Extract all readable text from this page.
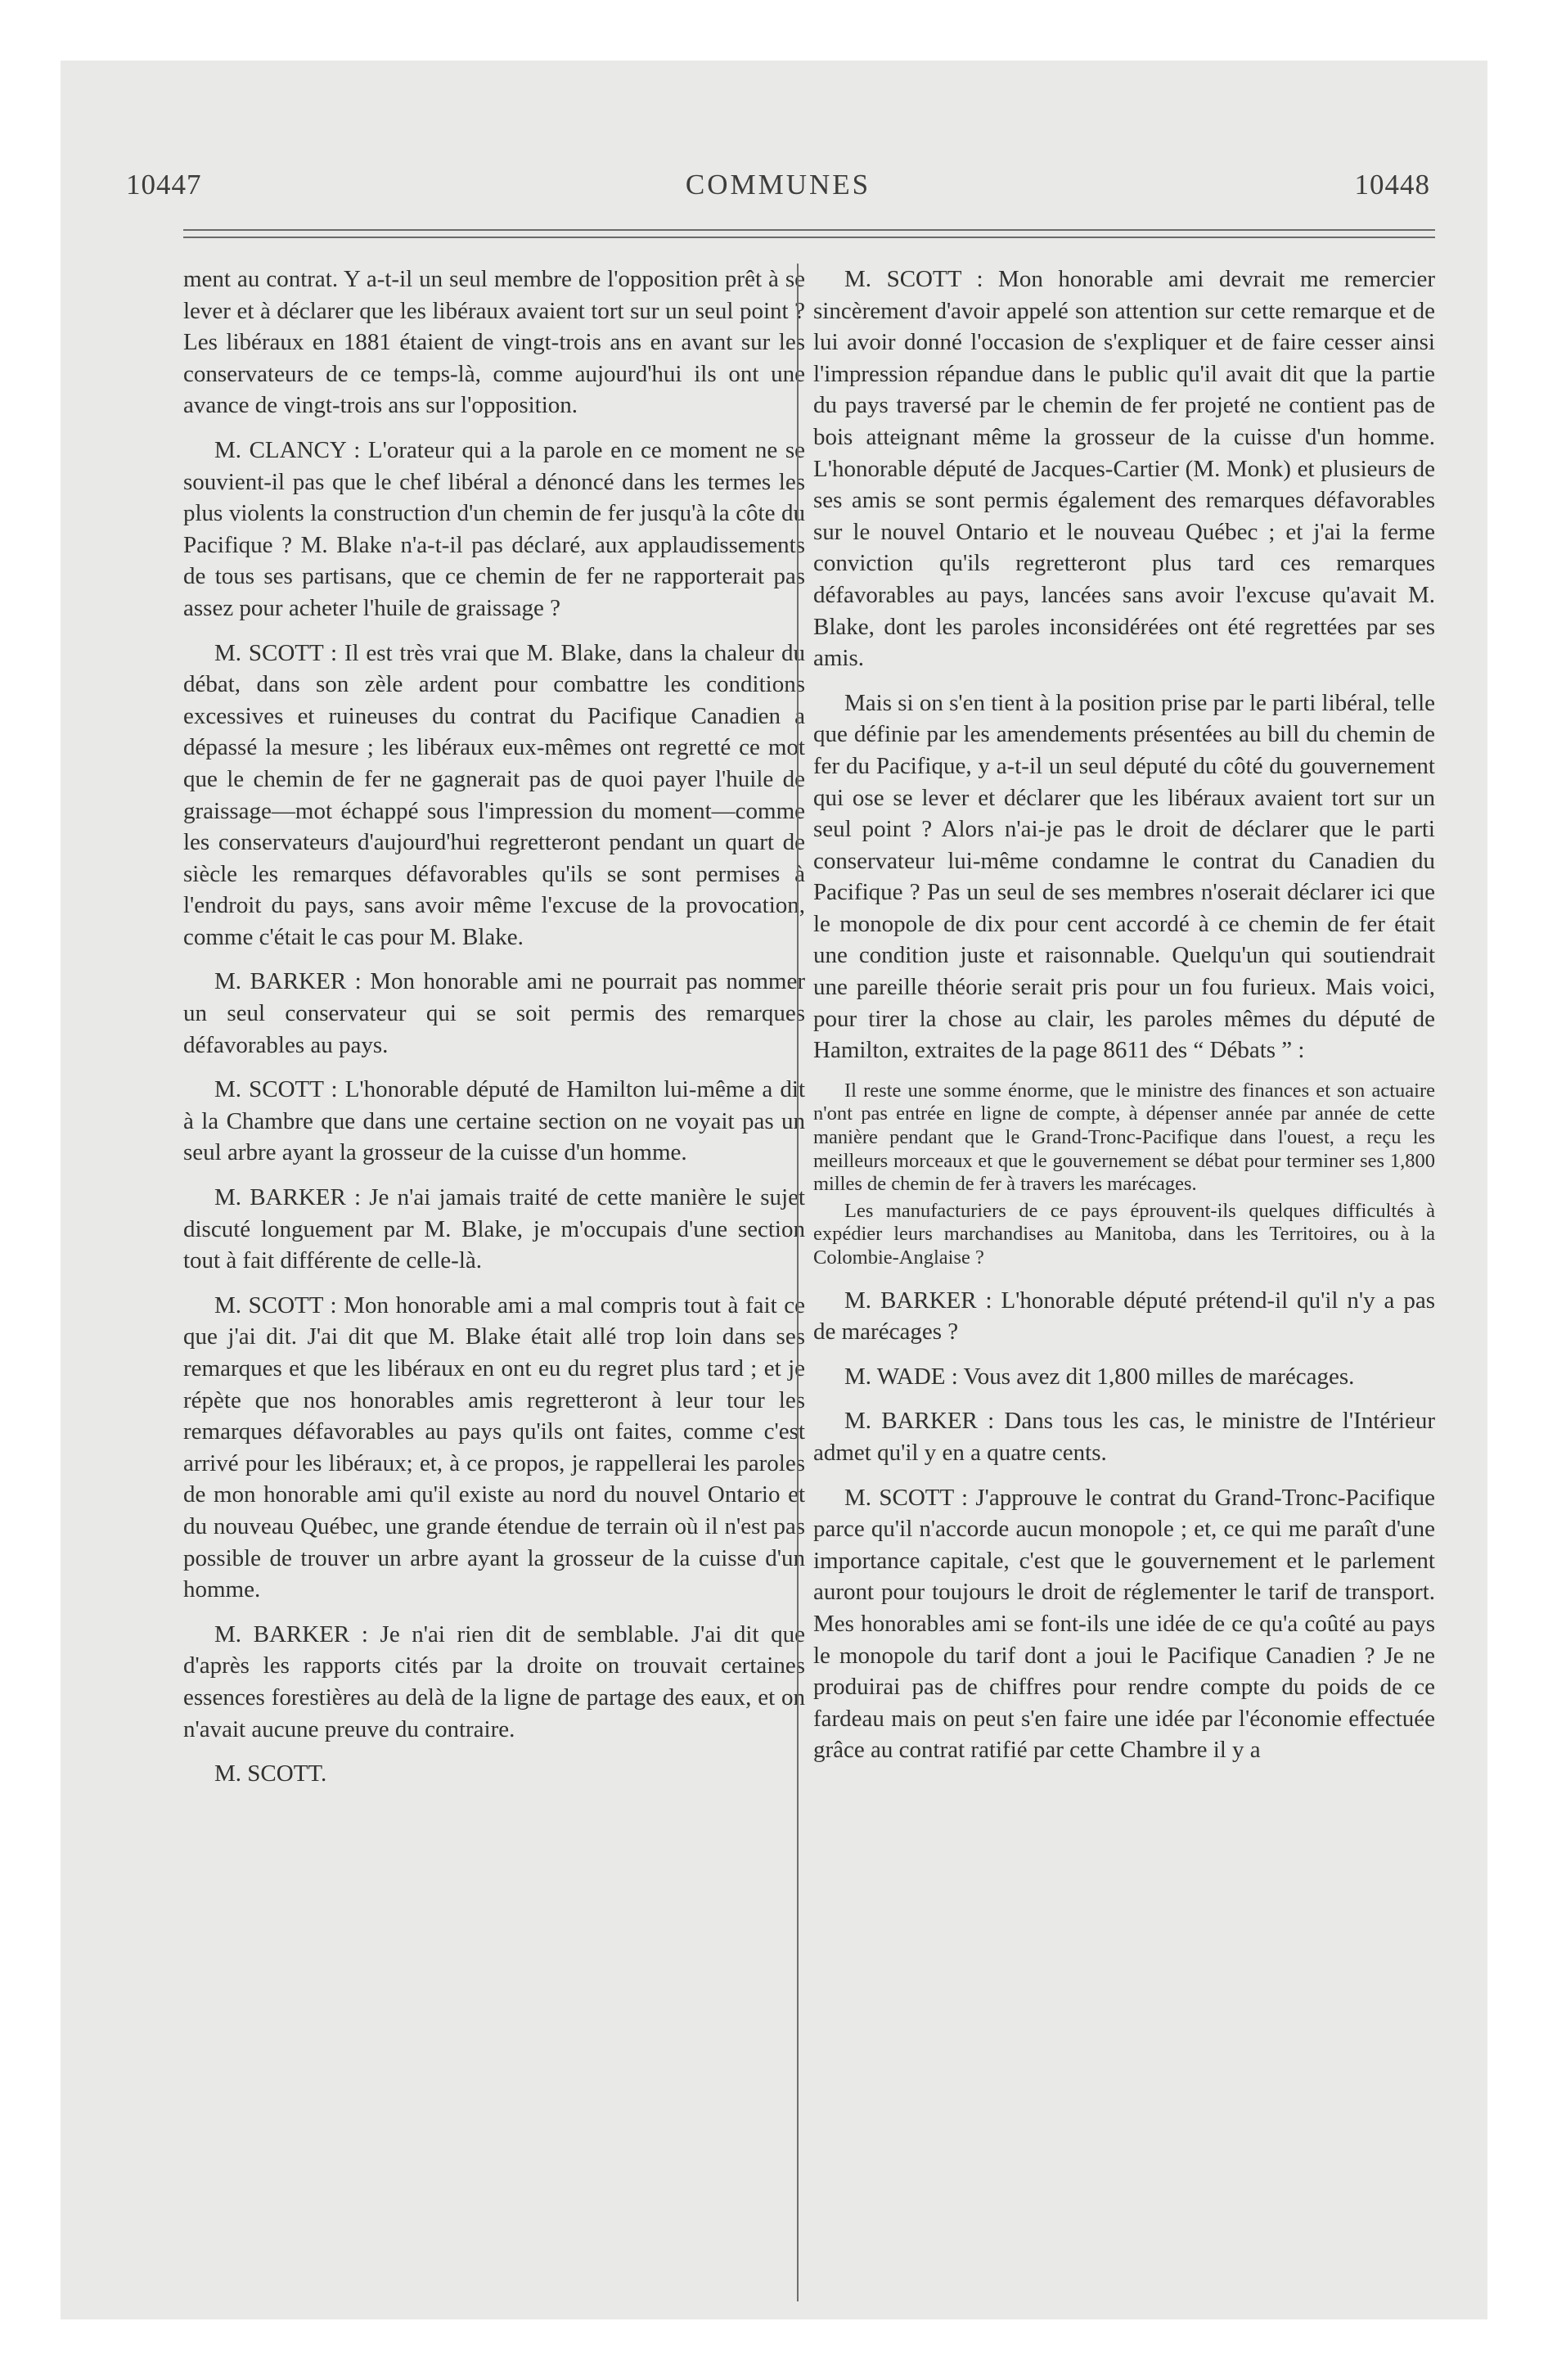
10447	COMMUNES	10448

ment au contrat. Y a-t-il un seul membre de l'opposition prêt à se lever et à déclarer que les libéraux avaient tort sur un seul point ? Les libéraux en 1881 étaient de vingt-trois ans en avant sur les conservateurs de ce temps-là, comme aujourd'hui ils ont une avance de vingt-trois ans sur l'opposition.

M. CLANCY : L'orateur qui a la parole en ce moment ne se souvient-il pas que le chef libéral a dénoncé dans les termes les plus violents la construction d'un chemin de fer jusqu'à la côte du Pacifique ? M. Blake n'a-t-il pas déclaré, aux applaudissements de tous ses partisans, que ce chemin de fer ne rapporterait pas assez pour acheter l'huile de graissage ?

M. SCOTT : Il est très vrai que M. Blake, dans la chaleur du débat, dans son zèle ardent pour combattre les conditions excessives et ruineuses du contrat du Pacifique Canadien a dépassé la mesure ; les libéraux eux-mêmes ont regretté ce mot que le chemin de fer ne gagnerait pas de quoi payer l'huile de graissage—mot échappé sous l'impression du moment—comme les conservateurs d'aujourd'hui regretteront pendant un quart de siècle les remarques défavorables qu'ils se sont permises à l'endroit du pays, sans avoir même l'excuse de la provocation, comme c'était le cas pour M. Blake.

M. BARKER : Mon honorable ami ne pourrait pas nommer un seul conservateur qui se soit permis des remarques défavorables au pays.

M. SCOTT : L'honorable député de Hamilton lui-même a dit à la Chambre que dans une certaine section on ne voyait pas un seul arbre ayant la grosseur de la cuisse d'un homme.

M. BARKER : Je n'ai jamais traité de cette manière le sujet discuté longuement par M. Blake, je m'occupais d'une section tout à fait différente de celle-là.

M. SCOTT : Mon honorable ami a mal compris tout à fait ce que j'ai dit. J'ai dit que M. Blake était allé trop loin dans ses remarques et que les libéraux en ont eu du regret plus tard ; et je répète que nos honorables amis regretteront à leur tour les remarques défavorables au pays qu'ils ont faites, comme c'est arrivé pour les libéraux; et, à ce propos, je rappellerai les paroles de mon honorable ami qu'il existe au nord du nouvel Ontario et du nouveau Québec, une grande étendue de terrain où il n'est pas possible de trouver un arbre ayant la grosseur de la cuisse d'un homme.

M. BARKER : Je n'ai rien dit de semblable. J'ai dit que d'après les rapports cités par la droite on trouvait certaines essences forestières au delà de la ligne de partage des eaux, et on n'avait aucune preuve du contraire.

M. SCOTT.

M. SCOTT : Mon honorable ami devrait me remercier sincèrement d'avoir appelé son attention sur cette remarque et de lui avoir donné l'occasion de s'expliquer et de faire cesser ainsi l'impression répandue dans le public qu'il avait dit que la partie du pays traversé par le chemin de fer projeté ne contient pas de bois atteignant même la grosseur de la cuisse d'un homme. L'honorable député de Jacques-Cartier (M. Monk) et plusieurs de ses amis se sont permis également des remarques défavorables sur le nouvel Ontario et le nouveau Québec ; et j'ai la ferme conviction qu'ils regretteront plus tard ces remarques défavorables au pays, lancées sans avoir l'excuse qu'avait M. Blake, dont les paroles inconsidérées ont été regrettées par ses amis.

Mais si on s'en tient à la position prise par le parti libéral, telle que définie par les amendements présentées au bill du chemin de fer du Pacifique, y a-t-il un seul député du côté du gouvernement qui ose se lever et déclarer que les libéraux avaient tort sur un seul point ? Alors n'ai-je pas le droit de déclarer que le parti conservateur lui-même condamne le contrat du Canadien du Pacifique ? Pas un seul de ses membres n'oserait déclarer ici que le monopole de dix pour cent accordé à ce chemin de fer était une condition juste et raisonnable. Quelqu'un qui soutiendrait une pareille théorie serait pris pour un fou furieux. Mais voici, pour tirer la chose au clair, les paroles mêmes du député de Hamilton, extraites de la page 8611 des “ Débats ” :

Il reste une somme énorme, que le ministre des finances et son actuaire n'ont pas entrée en ligne de compte, à dépenser année par année de cette manière pendant que le Grand-Tronc-Pacifique dans l'ouest, a reçu les meilleurs morceaux et que le gouvernement se débat pour terminer ses 1,800 milles de chemin de fer à travers les marécages.

Les manufacturiers de ce pays éprouvent-ils quelques difficultés à expédier leurs marchandises au Manitoba, dans les Territoires, ou à la Colombie-Anglaise ?

M. BARKER : L'honorable député prétend-il qu'il n'y a pas de marécages ?

M. WADE : Vous avez dit 1,800 milles de marécages.

M. BARKER : Dans tous les cas, le ministre de l'Intérieur admet qu'il y en a quatre cents.

M. SCOTT : J'approuve le contrat du Grand-Tronc-Pacifique parce qu'il n'accorde aucun monopole ; et, ce qui me paraît d'une importance capitale, c'est que le gouvernement et le parlement auront pour toujours le droit de réglementer le tarif de transport. Mes honorables ami se font-ils une idée de ce qu'a coûté au pays le monopole du tarif dont a joui le Pacifique Canadien ? Je ne produirai pas de chiffres pour rendre compte du poids de ce fardeau mais on peut s'en faire une idée par l'économie effectuée grâce au contrat ratifié par cette Chambre il y a
